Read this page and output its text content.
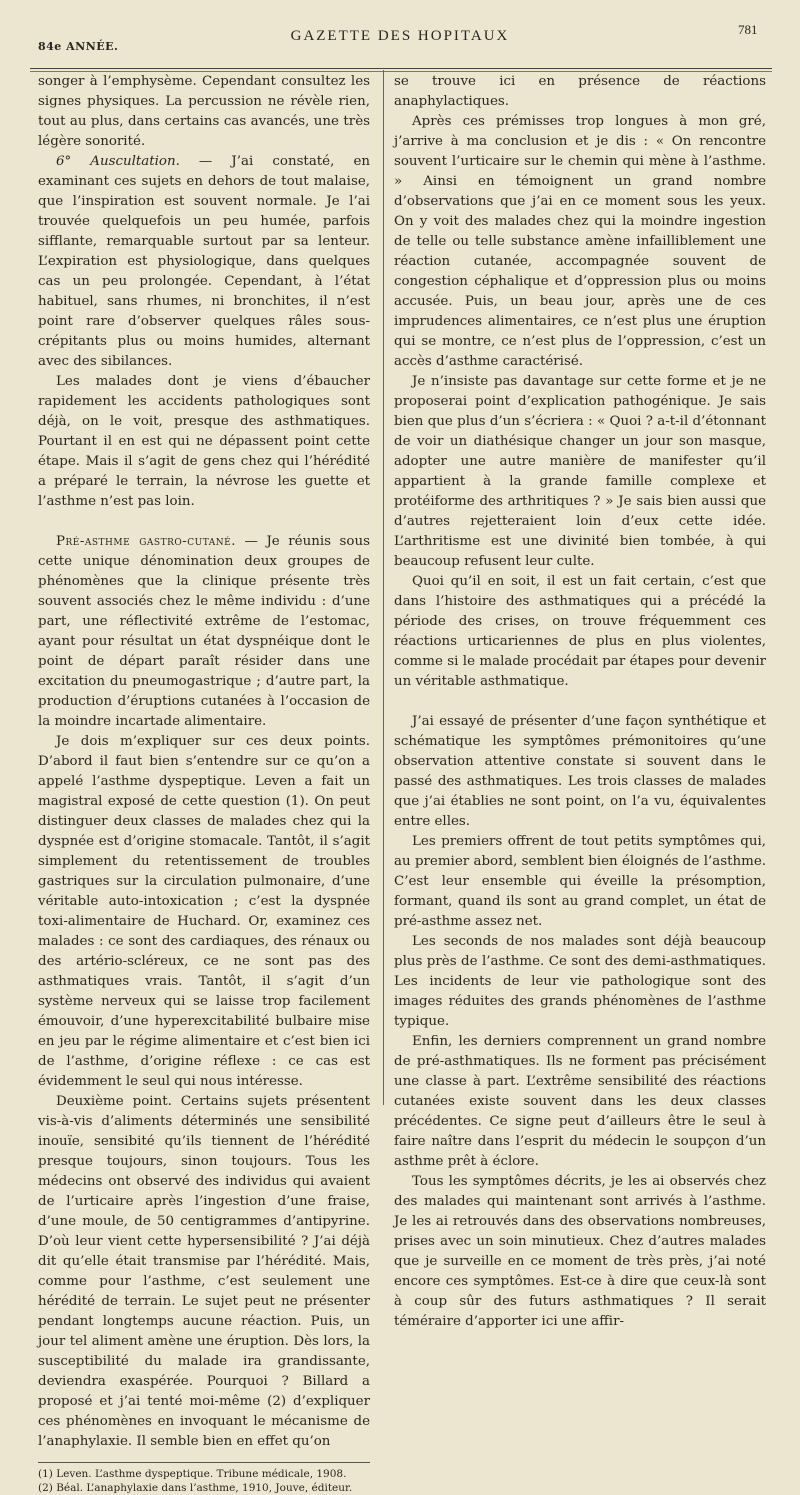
84e ANNÉE.
GAZETTE DES HOPITAUX	781

songer à l’emphysème. Cependant consultez les signes physiques. La percussion ne révèle rien, tout au plus, dans certains cas avancés, une très légère sonorité.

6° Auscultation. — J’ai constaté, en examinant ces sujets en dehors de tout malaise, que l’inspiration est souvent normale. Je l’ai trouvée quelquefois un peu humée, parfois sifflante, remarquable surtout par sa lenteur. L’expiration est physiologique, dans quelques cas un peu prolongée. Cependant, à l’état habituel, sans rhumes, ni bronchites, il n’est point rare d’observer quelques râles sous-crépitants plus ou moins humides, alternant avec des sibilances.

Les malades dont je viens d’ébaucher rapidement les accidents pathologiques sont déjà, on le voit, presque des asthmatiques. Pourtant il en est qui ne dépassent point cette étape. Mais il s’agit de gens chez qui l’hérédité a préparé le terrain, la névrose les guette et l’asthme n’est pas loin.

Pré-asthme gastro-cutané. — Je réunis sous cette unique dénomination deux groupes de phénomènes que la clinique présente très souvent associés chez le même individu : d’une part, une réflectivité extrême de l’estomac, ayant pour résultat un état dyspnéique dont le point de départ paraît résider dans une excitation du pneumogastrique ; d’autre part, la production d’éruptions cutanées à l’occasion de la moindre incartade alimentaire.

Je dois m’expliquer sur ces deux points. D’abord il faut bien s’entendre sur ce qu’on a appelé l’asthme dyspeptique. Leven a fait un magistral exposé de cette question (1). On peut distinguer deux classes de malades chez qui la dyspnée est d’origine stomacale. Tantôt, il s’agit simplement du retentissement de troubles gastriques sur la circulation pulmonaire, d’une véritable auto-intoxication ; c’est la dyspnée toxi-alimentaire de Huchard. Or, examinez ces malades : ce sont des cardiaques, des rénaux ou des artério-scléreux, ce ne sont pas des asthmatiques vrais. Tantôt, il s’agit d’un système nerveux qui se laisse trop facilement émouvoir, d’une hyperexcitabilité bulbaire mise en jeu par le régime alimentaire et c’est bien ici de l’asthme, d’origine réflexe : ce cas est évidemment le seul qui nous intéresse.

Deuxième point. Certains sujets présentent vis-à-vis d’aliments déterminés une sensibilité inouïe, sensibité qu’ils tiennent de l’hérédité presque toujours, sinon toujours. Tous les médecins ont observé des individus qui avaient de l’urticaire après l’ingestion d’une fraise, d’une moule, de 50 centigrammes d’antipyrine. D’où leur vient cette hypersensibilité ? J’ai déjà dit qu’elle était transmise par l’hérédité. Mais, comme pour l’asthme, c’est seulement une hérédité de terrain. Le sujet peut ne présenter pendant longtemps aucune réaction. Puis, un jour tel aliment amène une éruption. Dès lors, la susceptibilité du malade ira grandissante, deviendra exaspérée. Pourquoi ? Billard a proposé et j’ai tenté moi-même (2) d’expliquer ces phénomènes en invoquant le mécanisme de l’anaphylaxie. Il semble bien en effet qu’on

(1) Leven. L’asthme dyspeptique. Tribune médicale, 1908.

(2) Béal. L’anaphylaxie dans l’asthme, 1910, Jouve, éditeur.

se trouve ici en présence de réactions anaphylactiques.

Après ces prémisses trop longues à mon gré, j’arrive à ma conclusion et je dis : « On rencontre souvent l’urticaire sur le chemin qui mène à l’asthme. » Ainsi en témoignent un grand nombre d’observations que j’ai en ce moment sous les yeux. On y voit des malades chez qui la moindre ingestion de telle ou telle substance amène infailliblement une réaction cutanée, accompagnée souvent de congestion céphalique et d’oppression plus ou moins accusée. Puis, un beau jour, après une de ces imprudences alimentaires, ce n’est plus une éruption qui se montre, ce n’est plus de l’oppression, c’est un accès d’asthme caractérisé.

Je n’insiste pas davantage sur cette forme et je ne proposerai point d’explication pathogénique. Je sais bien que plus d’un s’écriera : « Quoi ? a-t-il d’étonnant de voir un diathésique changer un jour son masque, adopter une autre manière de manifester qu’il appartient à la grande famille complexe et protéiforme des arthritiques ? » Je sais bien aussi que d’autres rejetteraient loin d’eux cette idée. L’arthritisme est une divinité bien tombée, à qui beaucoup refusent leur culte.

Quoi qu’il en soit, il est un fait certain, c’est que dans l’histoire des asthmatiques qui a précédé la période des crises, on trouve fréquemment ces réactions urticariennes de plus en plus violentes, comme si le malade procédait par étapes pour devenir un véritable asthmatique.

J’ai essayé de présenter d’une façon synthétique et schématique les symptômes prémonitoires qu’une observation attentive constate si souvent dans le passé des asthmatiques. Les trois classes de malades que j’ai établies ne sont point, on l’a vu, équivalentes entre elles.

Les premiers offrent de tout petits symptômes qui, au premier abord, semblent bien éloignés de l’asthme. C’est leur ensemble qui éveille la présomption, formant, quand ils sont au grand complet, un état de pré-asthme assez net.

Les seconds de nos malades sont déjà beaucoup plus près de l’asthme. Ce sont des demi-asthmatiques. Les incidents de leur vie pathologique sont des images réduites des grands phénomènes de l’asthme typique.

Enfin, les derniers comprennent un grand nombre de pré-asthmatiques. Ils ne forment pas précisément une classe à part. L’extrême sensibilité des réactions cutanées existe souvent dans les deux classes précédentes. Ce signe peut d’ailleurs être le seul à faire naître dans l’esprit du médecin le soupçon d’un asthme prêt à éclore.

Tous les symptômes décrits, je les ai observés chez des malades qui maintenant sont arrivés à l’asthme. Je les ai retrouvés dans des observations nombreuses, prises avec un soin minutieux. Chez d’autres malades que je surveille en ce moment de très près, j’ai noté encore ces symptômes. Est-ce à dire que ceux-là sont à coup sûr des futurs asthmatiques ? Il serait téméraire d’apporter ici une affir-
